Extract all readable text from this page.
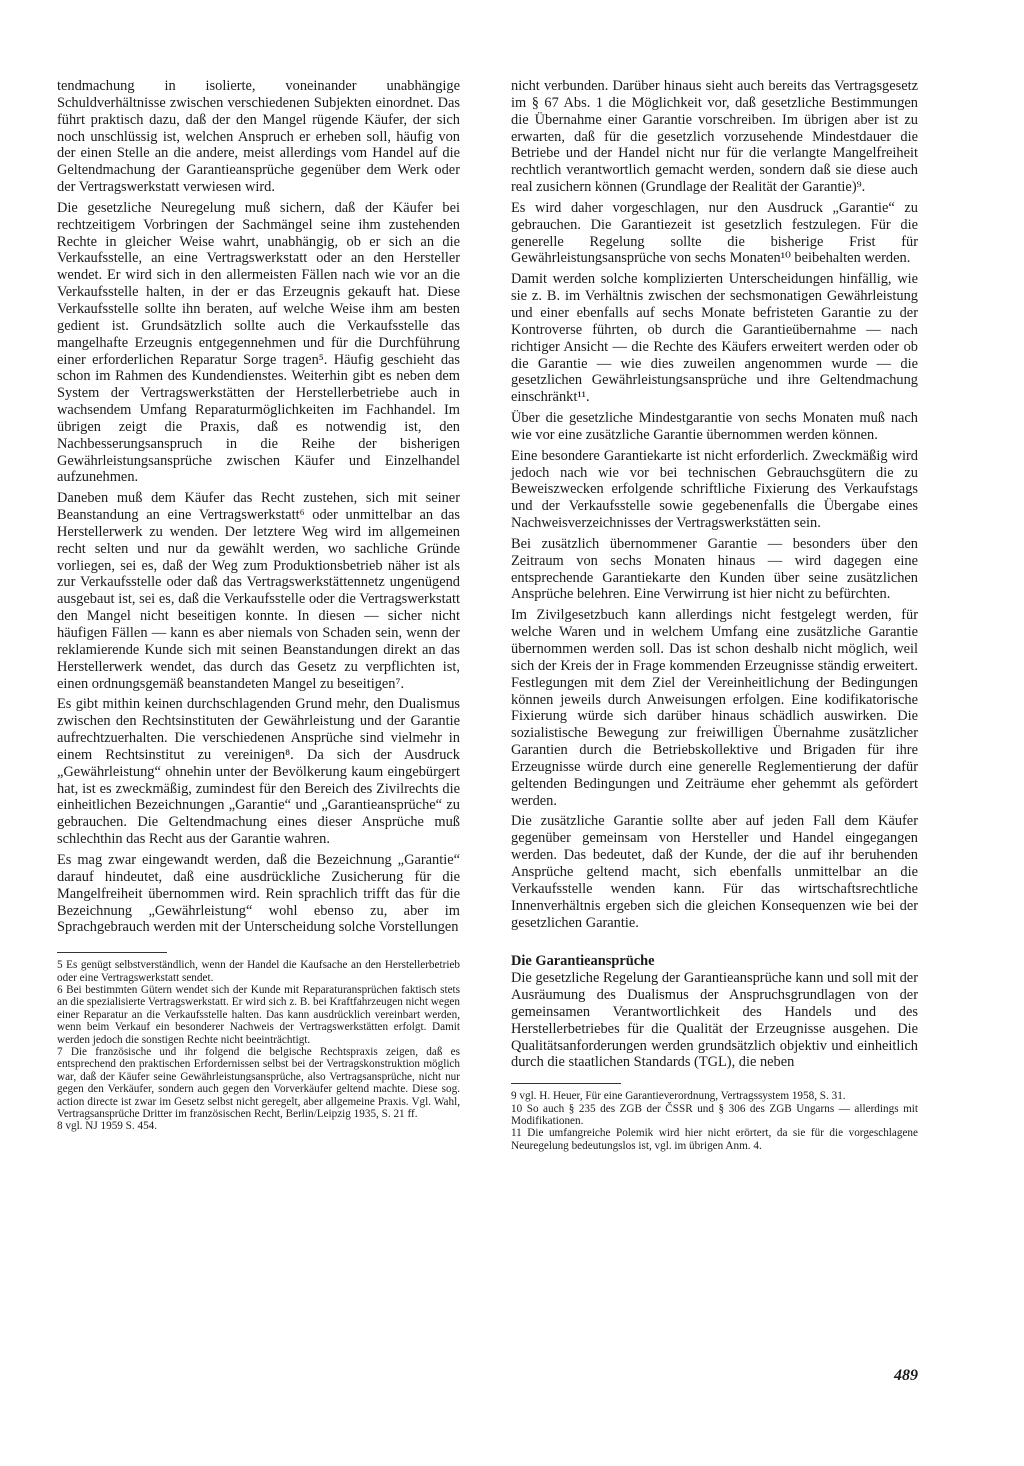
tendmachung in isolierte, voneinander unabhängige Schuldverhältnisse zwischen verschiedenen Subjekten einordnet. Das führt praktisch dazu, daß der den Mangel rügende Käufer, der sich noch unschlüssig ist, welchen Anspruch er erheben soll, häufig von der einen Stelle an die andere, meist allerdings vom Handel auf die Geltendmachung der Garantieansprüche gegenüber dem Werk oder der Vertragswerkstatt verwiesen wird.

Die gesetzliche Neuregelung muß sichern, daß der Käufer bei rechtzeitigem Vorbringen der Sachmängel seine ihm zustehenden Rechte in gleicher Weise wahrt, unabhängig, ob er sich an die Verkaufsstelle, an eine Vertragswerkstatt oder an den Hersteller wendet. Er wird sich in den allermeisten Fällen nach wie vor an die Verkaufsstelle halten, in der er das Erzeugnis gekauft hat. Diese Verkaufsstelle sollte ihn beraten, auf welche Weise ihm am besten gedient ist. Grundsätzlich sollte auch die Verkaufsstelle das mangelhafte Erzeugnis entgegennehmen und für die Durchführung einer erforderlichen Reparatur Sorge tragen⁵. Häufig geschieht das schon im Rahmen des Kundendienstes. Weiterhin gibt es neben dem System der Vertragswerkstätten der Herstellerbetriebe auch in wachsendem Umfang Reparaturmöglichkeiten im Fachhandel. Im übrigen zeigt die Praxis, daß es notwendig ist, den Nachbesserungsanspruch in die Reihe der bisherigen Gewährleistungsansprüche zwischen Käufer und Einzelhandel aufzunehmen.

Daneben muß dem Käufer das Recht zustehen, sich mit seiner Beanstandung an eine Vertragswerkstatt⁶ oder unmittelbar an das Herstellerwerk zu wenden. Der letztere Weg wird im allgemeinen recht selten und nur da gewählt werden, wo sachliche Gründe vorliegen, sei es, daß der Weg zum Produktionsbetrieb näher ist als zur Verkaufsstelle oder daß das Vertragswerkstättennetz ungenügend ausgebaut ist, sei es, daß die Verkaufsstelle oder die Vertragswerkstatt den Mangel nicht beseitigen konnte. In diesen — sicher nicht häufigen Fällen — kann es aber niemals von Schaden sein, wenn der reklamierende Kunde sich mit seinen Beanstandungen direkt an das Herstellerwerk wendet, das durch das Gesetz zu verpflichten ist, einen ordnungsgemäß beanstandeten Mangel zu beseitigen⁷.

Es gibt mithin keinen durchschlagenden Grund mehr, den Dualismus zwischen den Rechtsinstituten der Gewährleistung und der Garantie aufrechtzuerhalten. Die verschiedenen Ansprüche sind vielmehr in einem Rechtsinstitut zu vereinigen⁸. Da sich der Ausdruck „Gewährleistung“ ohnehin unter der Bevölkerung kaum eingebürgert hat, ist es zweckmäßig, zumindest für den Bereich des Zivilrechts die einheitlichen Bezeichnungen „Garantie“ und „Garantieansprüche“ zu gebrauchen. Die Geltendmachung eines dieser Ansprüche muß schlechthin das Recht aus der Garantie wahren.

Es mag zwar eingewandt werden, daß die Bezeichnung „Garantie“ darauf hindeutet, daß eine ausdrückliche Zusicherung für die Mangelfreiheit übernommen wird. Rein sprachlich trifft das für die Bezeichnung „Gewährleistung“ wohl ebenso zu, aber im Sprachgebrauch werden mit der Unterscheidung solche Vorstellungen

5 Es genügt selbstverständlich, wenn der Handel die Kaufsache an den Herstellerbetrieb oder eine Vertragswerkstatt sendet.

6 Bei bestimmten Gütern wendet sich der Kunde mit Reparaturansprüchen faktisch stets an die spezialisierte Vertragswerkstatt. Er wird sich z. B. bei Kraftfahrzeugen nicht wegen einer Reparatur an die Verkaufsstelle halten. Das kann ausdrücklich vereinbart werden, wenn beim Verkauf ein besonderer Nachweis der Vertragswerkstätten erfolgt. Damit werden jedoch die sonstigen Rechte nicht beeinträchtigt.

7 Die französische und ihr folgend die belgische Rechtspraxis zeigen, daß es entsprechend den praktischen Erfordernissen selbst bei der Vertragskonstruktion möglich war, daß der Käufer seine Gewährleistungsansprüche, also Vertragsansprüche, nicht nur gegen den Verkäufer, sondern auch gegen den Vorverkäufer geltend machte. Diese sog. action directe ist zwar im Gesetz selbst nicht geregelt, aber allgemeine Praxis. Vgl. Wahl, Vertragsansprüche Dritter im französischen Recht, Berlin/Leipzig 1935, S. 21 ff.

8 vgl. NJ 1959 S. 454.

nicht verbunden. Darüber hinaus sieht auch bereits das Vertragsgesetz im § 67 Abs. 1 die Möglichkeit vor, daß gesetzliche Bestimmungen die Übernahme einer Garantie vorschreiben. Im übrigen aber ist zu erwarten, daß für die gesetzlich vorzusehende Mindestdauer die Betriebe und der Handel nicht nur für die verlangte Mangelfreiheit rechtlich verantwortlich gemacht werden, sondern daß sie diese auch real zusichern können (Grundlage der Realität der Garantie)⁹.

Es wird daher vorgeschlagen, nur den Ausdruck „Garantie“ zu gebrauchen. Die Garantiezeit ist gesetzlich festzulegen. Für die generelle Regelung sollte die bisherige Frist für Gewährleistungsansprüche von sechs Monaten¹⁰ beibehalten werden.

Damit werden solche komplizierten Unterscheidungen hinfällig, wie sie z. B. im Verhältnis zwischen der sechsmonatigen Gewährleistung und einer ebenfalls auf sechs Monate befristeten Garantie zu der Kontroverse führten, ob durch die Garantieübernahme — nach richtiger Ansicht — die Rechte des Käufers erweitert werden oder ob die Garantie — wie dies zuweilen angenommen wurde — die gesetzlichen Gewährleistungsansprüche und ihre Geltendmachung einschränkt¹¹.

Über die gesetzliche Mindestgarantie von sechs Monaten muß nach wie vor eine zusätzliche Garantie übernommen werden können.

Eine besondere Garantiekarte ist nicht erforderlich. Zweckmäßig wird jedoch nach wie vor bei technischen Gebrauchsgütern die zu Beweiszwecken erfolgende schriftliche Fixierung des Verkaufstags und der Verkaufsstelle sowie gegebenenfalls die Übergabe eines Nachweisverzeichnisses der Vertragswerkstätten sein.

Bei zusätzlich übernommener Garantie — besonders über den Zeitraum von sechs Monaten hinaus — wird dagegen eine entsprechende Garantiekarte den Kunden über seine zusätzlichen Ansprüche belehren. Eine Verwirrung ist hier nicht zu befürchten.

Im Zivilgesetzbuch kann allerdings nicht festgelegt werden, für welche Waren und in welchem Umfang eine zusätzliche Garantie übernommen werden soll. Das ist schon deshalb nicht möglich, weil sich der Kreis der in Frage kommenden Erzeugnisse ständig erweitert. Festlegungen mit dem Ziel der Vereinheitlichung der Bedingungen können jeweils durch Anweisungen erfolgen. Eine kodifikatorische Fixierung würde sich darüber hinaus schädlich auswirken. Die sozialistische Bewegung zur freiwilligen Übernahme zusätzlicher Garantien durch die Betriebskollektive und Brigaden für ihre Erzeugnisse würde durch eine generelle Reglementierung der dafür geltenden Bedingungen und Zeiträume eher gehemmt als gefördert werden.

Die zusätzliche Garantie sollte aber auf jeden Fall dem Käufer gegenüber gemeinsam von Hersteller und Handel eingegangen werden. Das bedeutet, daß der Kunde, der die auf ihr beruhenden Ansprüche geltend macht, sich ebenfalls unmittelbar an die Verkaufsstelle wenden kann. Für das wirtschaftsrechtliche Innenverhältnis ergeben sich die gleichen Konsequenzen wie bei der gesetzlichen Garantie.

Die Garantieansprüche

Die gesetzliche Regelung der Garantieansprüche kann und soll mit der Ausräumung des Dualismus der Anspruchsgrundlagen von der gemeinsamen Verantwortlichkeit des Handels und des Herstellerbetriebes für die Qualität der Erzeugnisse ausgehen. Die Qualitätsanforderungen werden grundsätzlich objektiv und einheitlich durch die staatlichen Standards (TGL), die neben

9 vgl. H. Heuer, Für eine Garantieverordnung, Vertragssystem 1958, S. 31.

10 So auch § 235 des ZGB der ČSSR und § 306 des ZGB Ungarns — allerdings mit Modifikationen.

11 Die umfangreiche Polemik wird hier nicht erörtert, da sie für die vorgeschlagene Neuregelung bedeutungslos ist, vgl. im übrigen Anm. 4.

489
